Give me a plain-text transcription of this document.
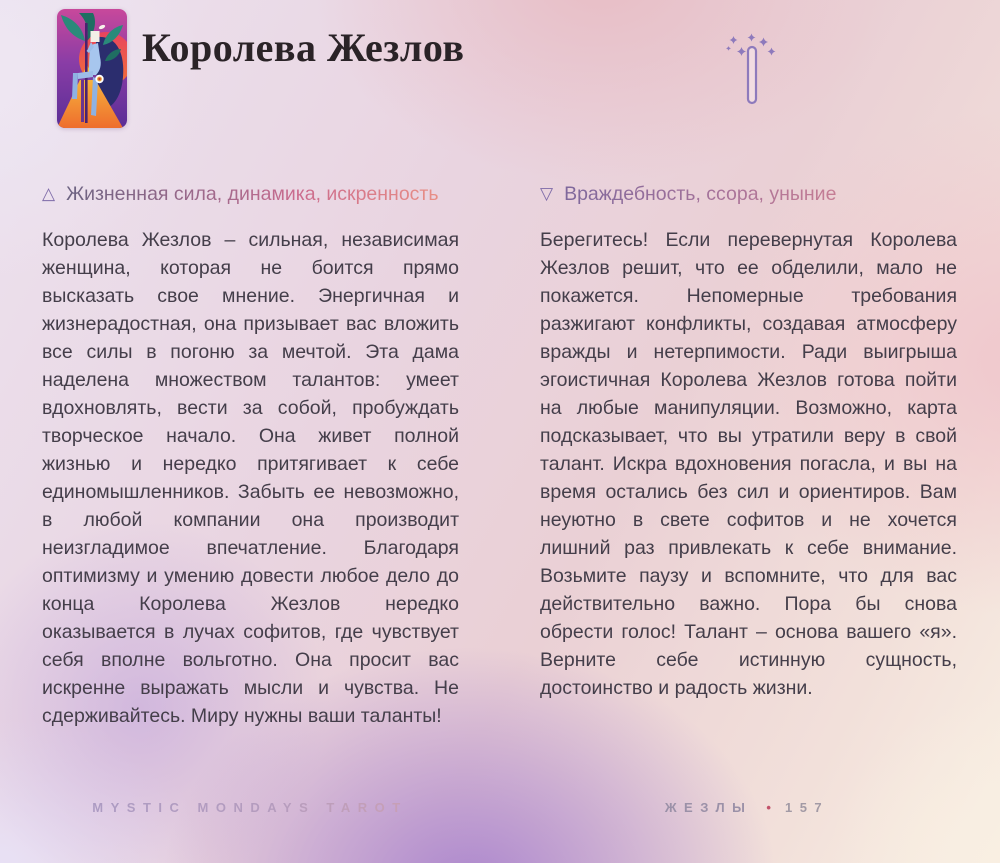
Королева Жезлов
△ Жизненная сила, динамика, искренность

Королева Жезлов – сильная, независимая женщина, которая не боится прямо высказать свое мнение. Энергичная и жизнерадостная, она призывает вас вложить все силы в погоню за мечтой. Эта дама наделена множеством талантов: умеет вдохновлять, вести за собой, пробуждать творческое начало. Она живет полной жизнью и нередко притягивает к себе единомышленников. Забыть ее невозможно, в любой компании она производит неизгладимое впечатление. Благодаря оптимизму и умению довести любое дело до конца Королева Жезлов нередко оказывается в лучах софитов, где чувствует себя вполне вольготно. Она просит вас искренне выражать мысли и чувства. Не сдерживайтесь. Миру нужны ваши таланты!

▽ Враждебность, ссора, уныние

Берегитесь! Если перевернутая Королева Жезлов решит, что ее обделили, мало не покажется. Непомерные требования разжигают конфликты, создавая атмосферу вражды и нетерпимости. Ради выигрыша эгоистичная Королева Жезлов готова пойти на любые манипуляции. Возможно, карта подсказывает, что вы утратили веру в свой талант. Искра вдохновения погасла, и вы на время остались без сил и ориентиров. Вам неуютно в свете софитов и не хочется лишний раз привлекать к себе внимание. Возьмите паузу и вспомните, что для вас действительно важно. Пора бы снова обрести голос! Талант – основа вашего «я». Верните себе истинную сущность, достоинство и радость жизни.

MYSTIC MONDAYS TAROT	ЖЕЗЛЫ • 157
